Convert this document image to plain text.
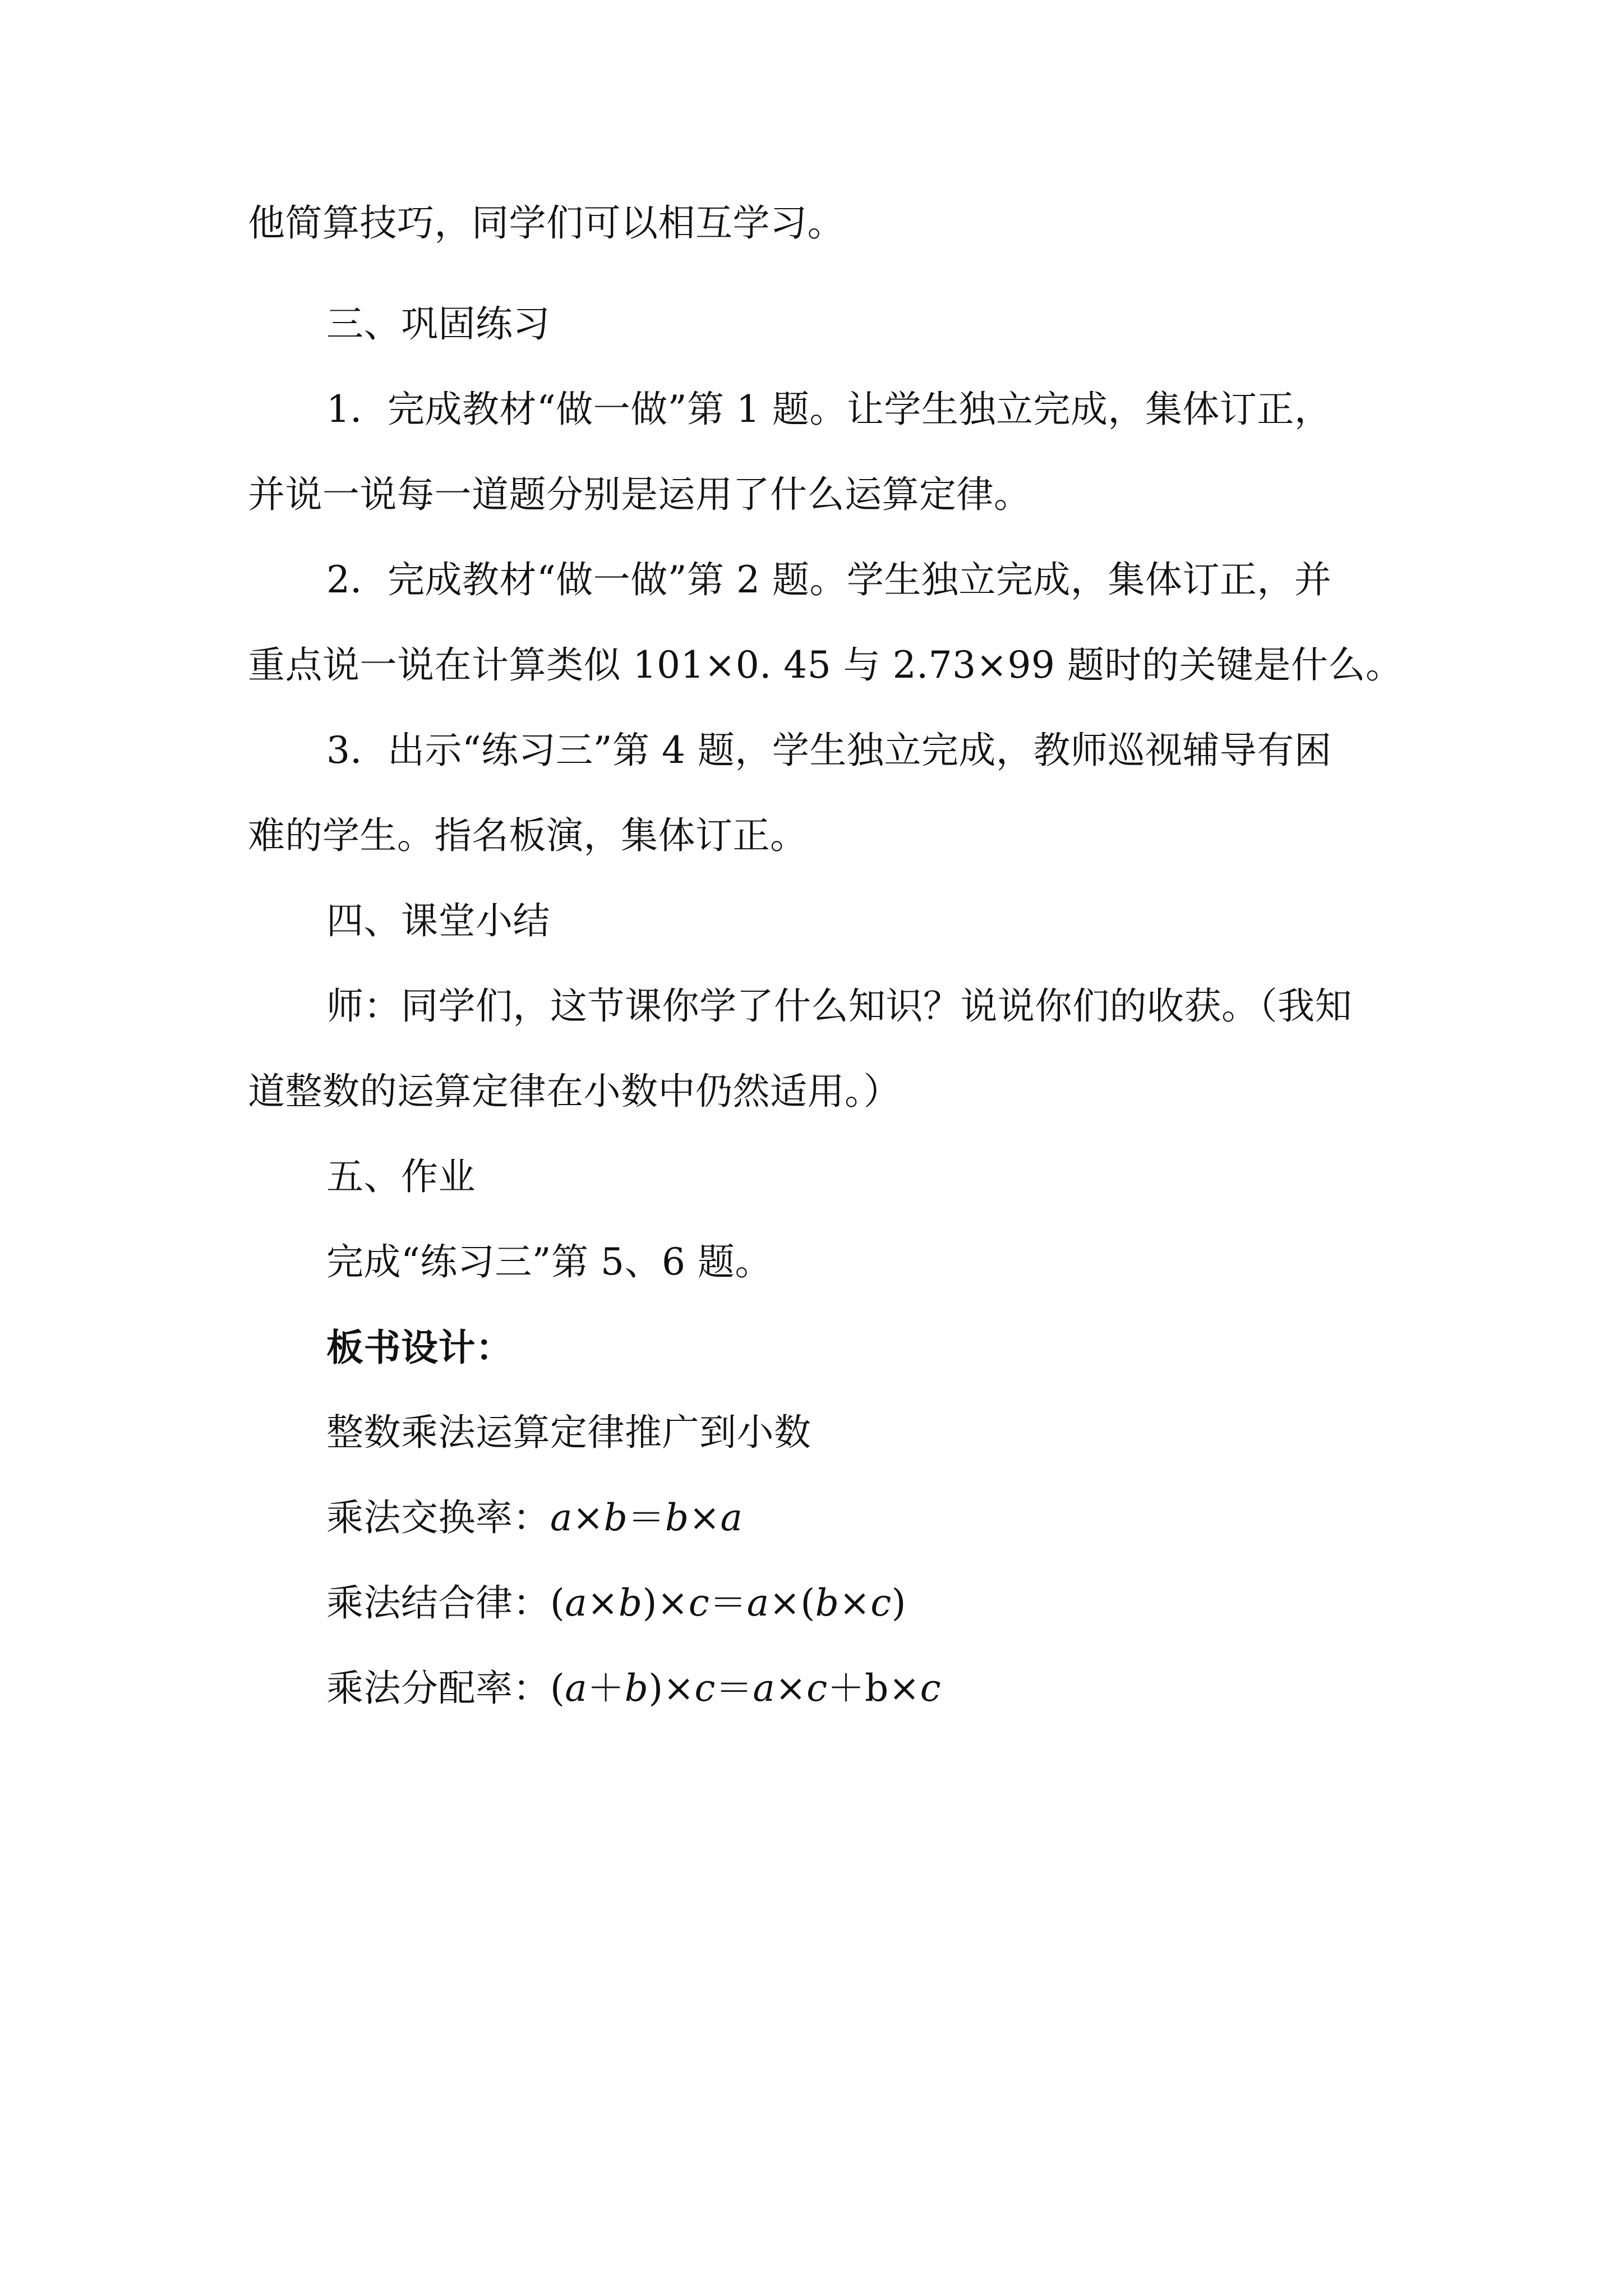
他简算技巧，同学们可以相互学习。
三、巩固练习
1．完成教材“做一做”第 1 题。让学生独立完成，集体订正，
并说一说每一道题分别是运用了什么运算定律。
2．完成教材“做一做”第 2 题。学生独立完成，集体订正，并
重点说一说在计算类似 101×0. 45 与 2.73×99 题时的关键是什么。
3．出示“练习三”第 4 题，学生独立完成，教师巡视辅导有困
难的学生。指名板演，集体订正。
四、课堂小结
师：同学们，这节课你学了什么知识？说说你们的收获。（我知
道整数的运算定律在小数中仍然适用。）
五、作业
完成“练习三”第 5、6 题。
板书设计：
整数乘法运算定律推广到小数
乘法交换率：a×b＝b×a
乘法结合律：(a×b)×c＝a×(b×c)
乘法分配率：(a＋b)×c＝a×c＋b×c
